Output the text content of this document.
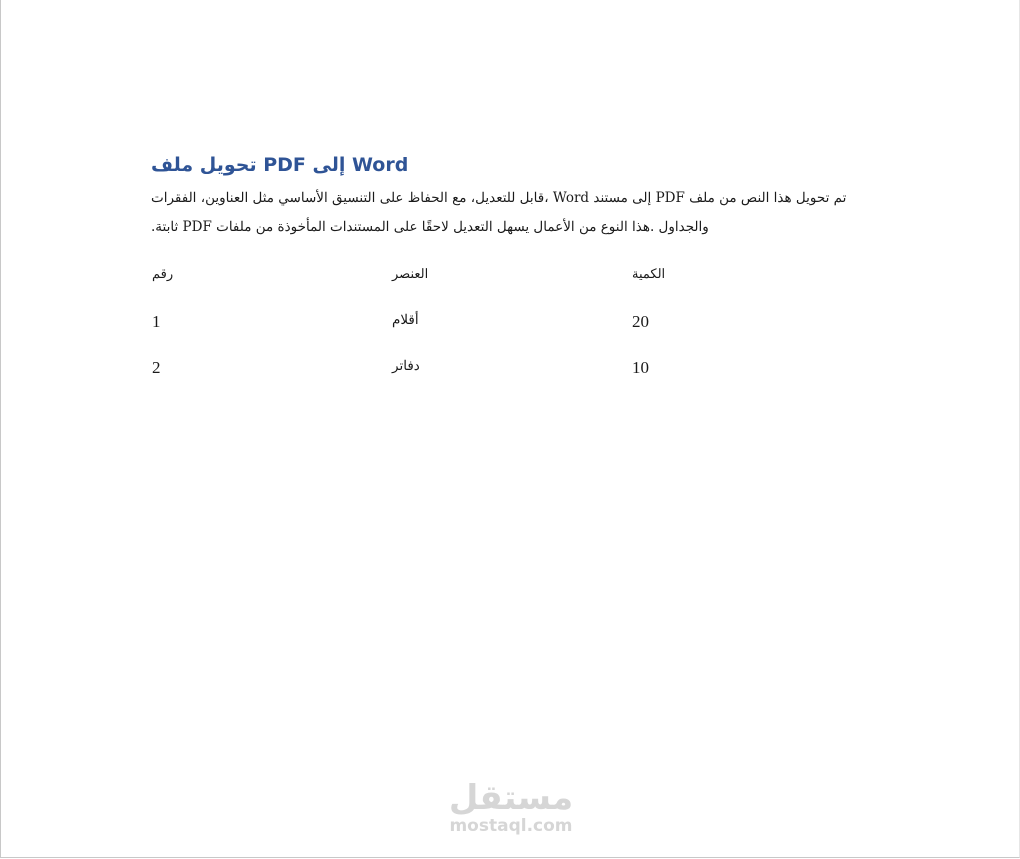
تحويل ملف PDF إلى Word
قابل للتعديل، مع الحفاظ على التنسيق الأساسي مثل العناوين، الفقرات، Word إلى مستند PDF تم تحويل هذا النص من ملف
.ثابتة PDF والجداول .هذا النوع من الأعمال يسهل التعديل لاحقًا على المستندات المأخوذة من ملفات
رقم	العنصر	الكمية
1	أقلام	20
2	دفاتر	10
مستقل
mostaql.com
